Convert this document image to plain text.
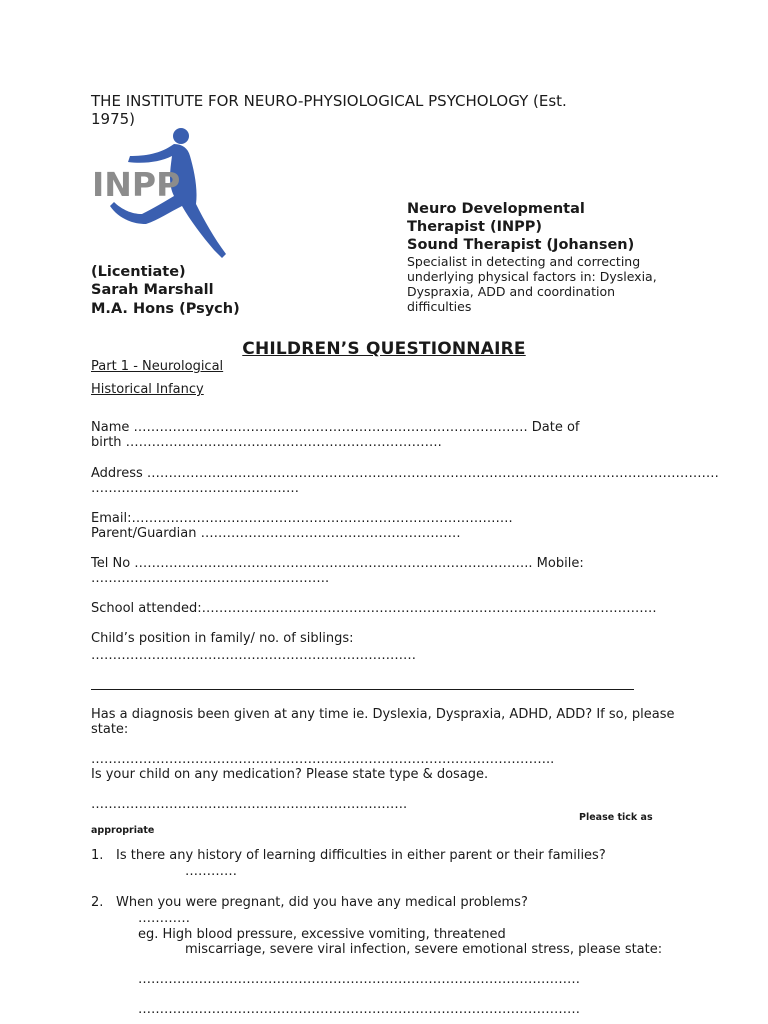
THE INSTITUTE FOR NEURO-PHYSIOLOGICAL PSYCHOLOGY (Est.
1975)
INPP
(Licentiate)
Sarah Marshall
M.A. Hons (Psych)
Neuro Developmental
Therapist (INPP)
Sound Therapist (Johansen)
Specialist in detecting and correcting
underlying physical factors in: Dyslexia,
Dyspraxia, ADD and coordination
difficulties
CHILDREN’S QUESTIONNAIRE
Part 1 - Neurological
Historical Infancy
Name ………………………………………………………………………………. Date of
birth ……………………………………………………………….
Address ……………………………………………………………………………………………………………………
…………………………………………
Email:…………………………………………………………………………….
Parent/Guardian ……………………………………………………
Tel No ……………………………………………………………………………….. Mobile:
……………………………………………….
School attended:……………………………………………………………………………………………
Child’s position in family/ no. of siblings:
…………………………………………………………………
Has a diagnosis been given at any time ie. Dyslexia, Dyspraxia, ADHD, ADD? If so, please
state:
……………………………………………………………………………………………..
Is your child on any medication? Please state type & dosage.
……………………………………………………………….
Please tick as
appropriate
1. Is there any history of learning difficulties in either parent or their families?
…………
2. When you were pregnant, did you have any medical problems?
…………
eg. High blood pressure, excessive vomiting, threatened
miscarriage, severe viral infection, severe emotional stress, please state:
…………………………………………………………………………………………
…………………………………………………………………………………………
